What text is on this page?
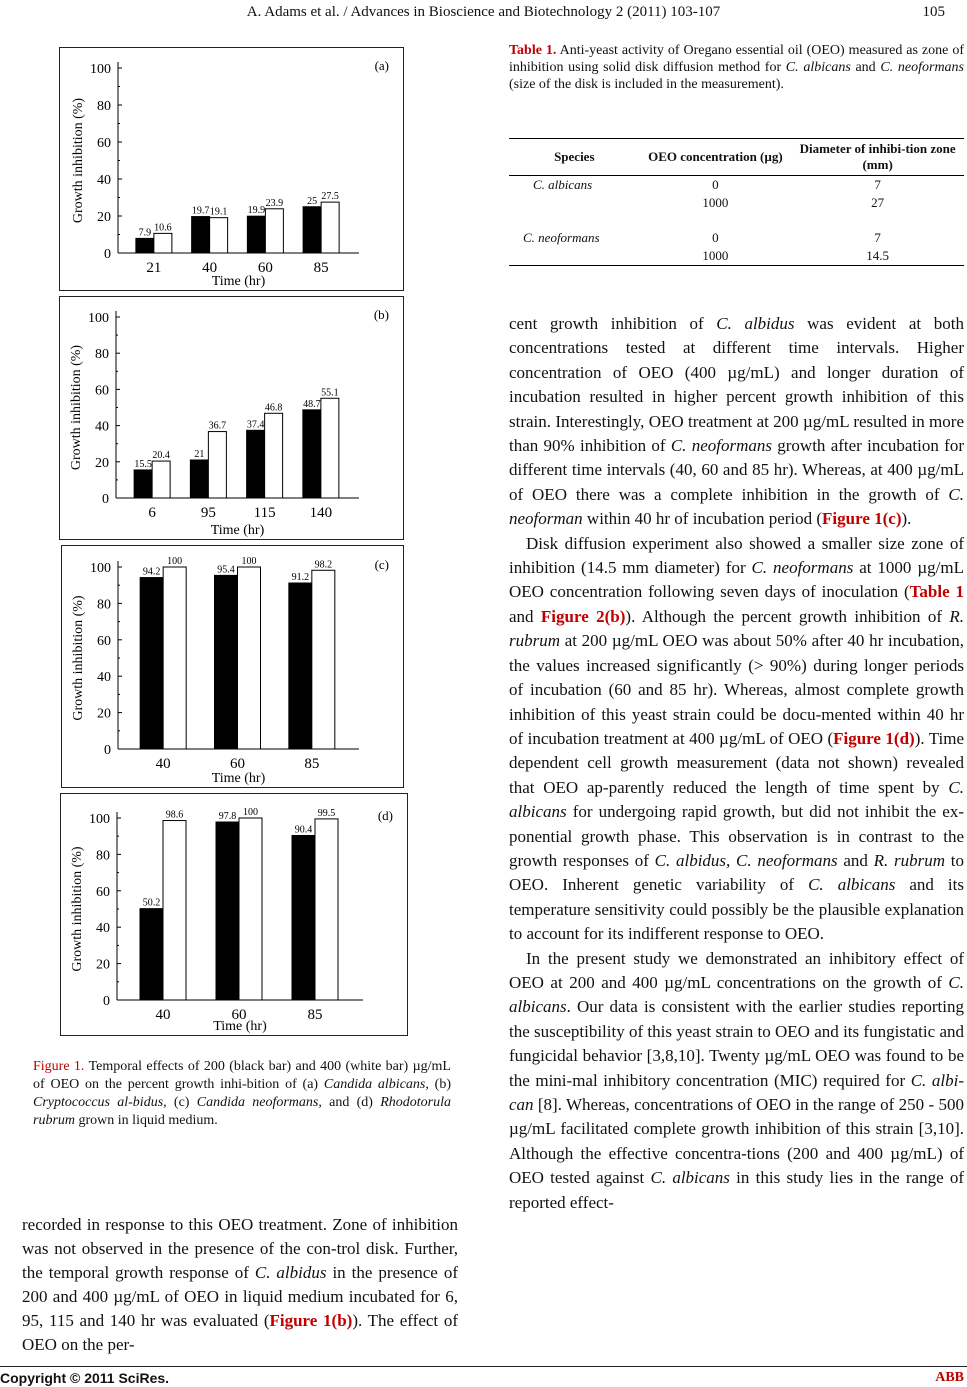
A. Adams et al. / Advances in Bioscience and Biotechnology 2 (2011) 103-107	105
0
20
40
60
80
100
Growth inhibition (%)
Time (hr)
(a)
7.9 10.6
21
19.7 19.1
40
19.9
23.9
60
25 27.5
85
0
20
40
60
80
100
Growth inhibition (%)
Time (hr)
(b)
15.5
20.4
6
21
36.7
95
37.4
46.8
115
48.7
55.1
140
0
20
40
60
80
100
Growth inhibition (%)
Time (hr)
(c)
94.2
100
40
95.4
100
60
91.2
98.2
85
0
20
40
60
80
100
Growth inhibition (%)
Time (hr)
(d)
50.2
98.6
40
97.8 100
60
90.4
99.5
85
Figure 1. Temporal effects of 200 (black bar) and 400 (white bar) µg/mL of OEO on the percent growth inhi-bition of (a) Candida albicans, (b) Cryptococcus al-bidus, (c) Candida neoformans, and (d) Rhodotorula rubrum grown in liquid medium.
recorded in response to this OEO treatment. Zone of inhibition was not observed in the presence of the con-trol disk. Further, the temporal growth response of C. albidus in the presence of 200 and 400 µg/mL of OEO in liquid medium incubated for 6, 95, 115 and 140 hr was evaluated (Figure 1(b)). The effect of OEO on the per-
Table 1. Anti-yeast activity of Oregano essential oil (OEO) measured as zone of inhibition using solid disk diffusion method for C. albicans and C. neoformans (size of the disk is included in the measurement).
Species	OEO concentration (µg)	Diameter of inhibi-tion zone (mm)
C. albicans	0	7
	1000	27
C. neoformans	0	7
	1000	14.5

cent growth inhibition of C. albidus was evident at both concentrations tested at different time intervals. Higher concentration of OEO (400 µg/mL) and longer duration of incubation resulted in higher percent growth inhibition of this strain. Interestingly, OEO treatment at 200 µg/mL resulted in more than 90% inhibition of C. neoformans growth after incubation for different time intervals (40, 60 and 85 hr). Whereas, at 400 µg/mL of OEO there was a complete inhibition in the growth of C. neoforman within 40 hr of incubation period (Figure 1(c)).

Disk diffusion experiment also showed a smaller size zone of inhibition (14.5 mm diameter) for C. neoformans at 1000 µg/mL OEO concentration following seven days of inoculation (Table 1 and Figure 2(b)). Although the percent growth inhibition of R. rubrum at 200 µg/mL OEO was about 50% after 40 hr incubation, the values increased significantly (> 90%) during longer periods of incubation (60 and 85 hr). Whereas, almost complete growth inhibition of this yeast strain could be docu-mented within 40 hr of incubation treatment at 400 µg/mL of OEO (Figure 1(d)). Time dependent cell growth measurement (data not shown) revealed that OEO ap-parently reduced the length of time spent by C. albicans for undergoing rapid growth, but did not inhibit the ex-ponential growth phase. This observation is in contrast to the growth responses of C. albidus, C. neoformans and R. rubrum to OEO. Inherent genetic variability of C. albicans and its temperature sensitivity could possibly be the plausible explanation to account for its indifferent response to OEO.

In the present study we demonstrated an inhibitory effect of OEO at 200 and 400 µg/mL concentrations on the growth of C. albicans. Our data is consistent with the earlier studies reporting the susceptibility of this yeast strain to OEO and its fungistatic and fungicidal behavior [3,8,10]. Twenty µg/mL OEO was found to be the mini-mal inhibitory concentration (MIC) required for C. albi-can [8]. Whereas, concentrations of OEO in the range of 250 - 500 µg/mL facilitated complete growth inhibition of this strain [3,10]. Although the effective concentra-tions (200 and 400 µg/mL) of OEO tested against C. albicans in this study lies in the range of reported effect-

Copyright © 2011 SciRes.	ABB
